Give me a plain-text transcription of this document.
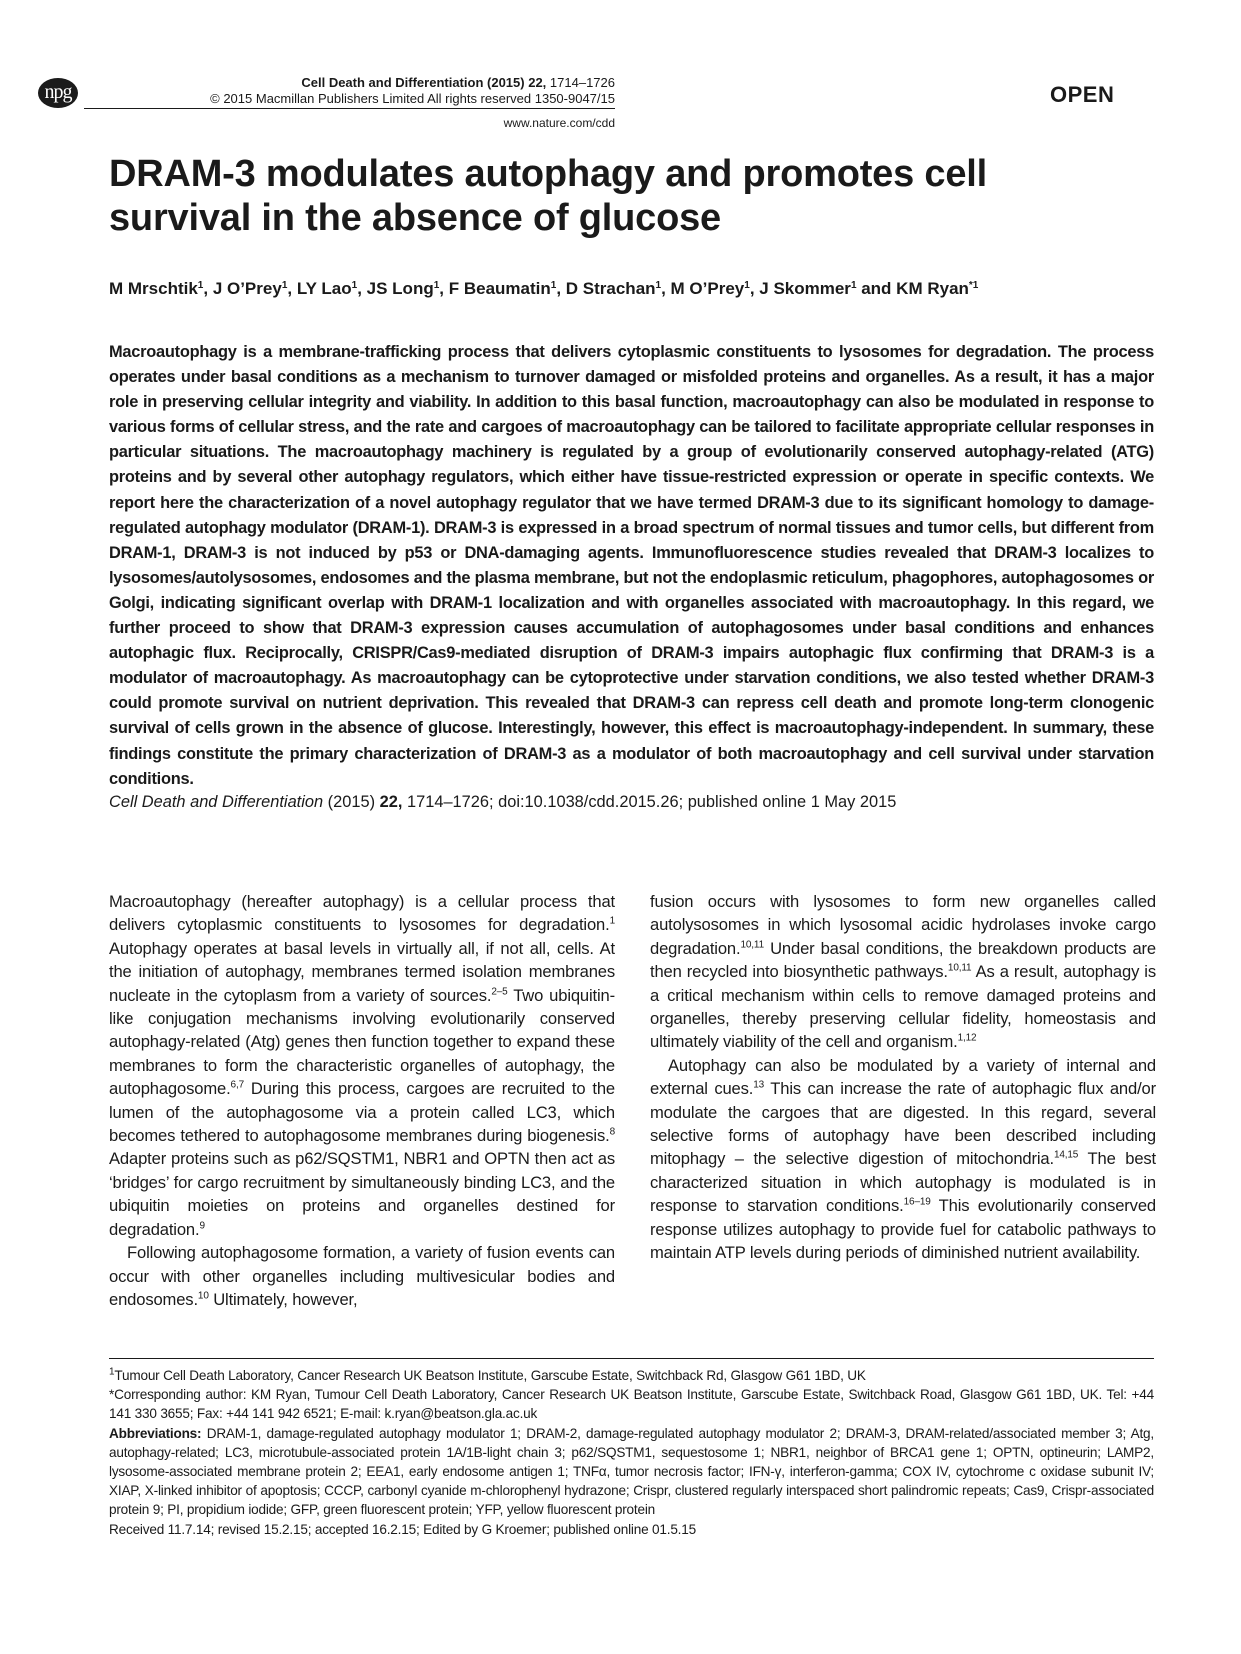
npg	Cell Death and Differentiation (2015) 22, 1714–1726
© 2015 Macmillan Publishers Limited All rights reserved 1350-9047/15
www.nature.com/cdd
OPEN
DRAM-3 modulates autophagy and promotes cell survival in the absence of glucose
M Mrschtik$^1$, J O’Prey$^1$, LY Lao$^1$, JS Long$^1$, F Beaumatin$^1$, D Strachan$^1$, M O’Prey$^1$, J Skommer$^1$ and KM Ryan$^{*1}$

Macroautophagy is a membrane-trafficking process that delivers cytoplasmic constituents to lysosomes for degradation. The process operates under basal conditions as a mechanism to turnover damaged or misfolded proteins and organelles. As a result, it has a major role in preserving cellular integrity and viability. In addition to this basal function, macroautophagy can also be modulated in response to various forms of cellular stress, and the rate and cargoes of macroautophagy can be tailored to facilitate appropriate cellular responses in particular situations. The macroautophagy machinery is regulated by a group of evolutionarily conserved autophagy-related (ATG) proteins and by several other autophagy regulators, which either have tissue-restricted expression or operate in specific contexts. We report here the characterization of a novel autophagy regulator that we have termed DRAM-3 due to its significant homology to damage-regulated autophagy modulator (DRAM-1). DRAM-3 is expressed in a broad spectrum of normal tissues and tumor cells, but different from DRAM-1, DRAM-3 is not induced by p53 or DNA-damaging agents. Immunofluorescence studies revealed that DRAM-3 localizes to lysosomes/autolysosomes, endosomes and the plasma membrane, but not the endoplasmic reticulum, phagophores, autophagosomes or Golgi, indicating significant overlap with DRAM-1 localization and with organelles associated with macroautophagy. In this regard, we further proceed to show that DRAM-3 expression causes accumulation of autophagosomes under basal conditions and enhances autophagic flux. Reciprocally, CRISPR/Cas9-mediated disruption of DRAM-3 impairs autophagic flux confirming that DRAM-3 is a modulator of macroautophagy. As macroautophagy can be cytoprotective under starvation conditions, we also tested whether DRAM-3 could promote survival on nutrient deprivation. This revealed that DRAM-3 can repress cell death and promote long-term clonogenic survival of cells grown in the absence of glucose. Interestingly, however, this effect is macroautophagy-independent. In summary, these findings constitute the primary characterization of DRAM-3 as a modulator of both macroautophagy and cell survival under starvation conditions.

Cell Death and Differentiation (2015) 22, 1714–1726; doi:10.1038/cdd.2015.26; published online 1 May 2015

Macroautophagy (hereafter autophagy) is a cellular process that delivers cytoplasmic constituents to lysosomes for degradation.$^1$ Autophagy operates at basal levels in virtually all, if not all, cells. At the initiation of autophagy, membranes termed isolation membranes nucleate in the cytoplasm from a variety of sources.$^{2-5}$ Two ubiquitin-like conjugation mechanisms involving evolutionarily conserved autophagy-related (Atg) genes then function together to expand these membranes to form the characteristic organelles of autophagy, the autophagosome.$^{6,7}$ During this process, cargoes are recruited to the lumen of the autophagosome via a protein called LC3, which becomes tethered to autophagosome membranes during biogenesis.$^8$ Adapter proteins such as p62/SQSTM1, NBR1 and OPTN then act as ‘bridges’ for cargo recruitment by simultaneously binding LC3, and the ubiquitin moieties on proteins and organelles destined for degradation.$^9$

Following autophagosome formation, a variety of fusion events can occur with other organelles including multivesicular bodies and endosomes.$^{10}$ Ultimately, however,

fusion occurs with lysosomes to form new organelles called autolysosomes in which lysosomal acidic hydrolases invoke cargo degradation.$^{10,11}$ Under basal conditions, the breakdown products are then recycled into biosynthetic pathways.$^{10,11}$ As a result, autophagy is a critical mechanism within cells to remove damaged proteins and organelles, thereby preserving cellular fidelity, homeostasis and ultimately viability of the cell and organism.$^{1,12}$

Autophagy can also be modulated by a variety of internal and external cues.$^{13}$ This can increase the rate of autophagic flux and/or modulate the cargoes that are digested. In this regard, several selective forms of autophagy have been described including mitophagy – the selective digestion of mitochondria.$^{14,15}$ The best characterized situation in which autophagy is modulated is in response to starvation conditions.$^{16-19}$ This evolutionarily conserved response utilizes autophagy to provide fuel for catabolic pathways to maintain ATP levels during periods of diminished nutrient availability.

$^1$Tumour Cell Death Laboratory, Cancer Research UK Beatson Institute, Garscube Estate, Switchback Rd, Glasgow G61 1BD, UK

*Corresponding author: KM Ryan, Tumour Cell Death Laboratory, Cancer Research UK Beatson Institute, Garscube Estate, Switchback Road, Glasgow G61 1BD, UK. Tel: +44 141 330 3655; Fax: +44 141 942 6521; E-mail: k.ryan@beatson.gla.ac.uk

Abbreviations: DRAM-1, damage-regulated autophagy modulator 1; DRAM-2, damage-regulated autophagy modulator 2; DRAM-3, DRAM-related/associated member 3; Atg, autophagy-related; LC3, microtubule-associated protein 1A/1B-light chain 3; p62/SQSTM1, sequestosome 1; NBR1, neighbor of BRCA1 gene 1; OPTN, optineurin; LAMP2, lysosome-associated membrane protein 2; EEA1, early endosome antigen 1; TNFα, tumor necrosis factor; IFN-γ, interferon-gamma; COX IV, cytochrome c oxidase subunit IV; XIAP, X-linked inhibitor of apoptosis; CCCP, carbonyl cyanide m-chlorophenyl hydrazone; Crispr, clustered regularly interspaced short palindromic repeats; Cas9, Crispr-associated protein 9; PI, propidium iodide; GFP, green fluorescent protein; YFP, yellow fluorescent protein

Received 11.7.14; revised 15.2.15; accepted 16.2.15; Edited by G Kroemer; published online 01.5.15
